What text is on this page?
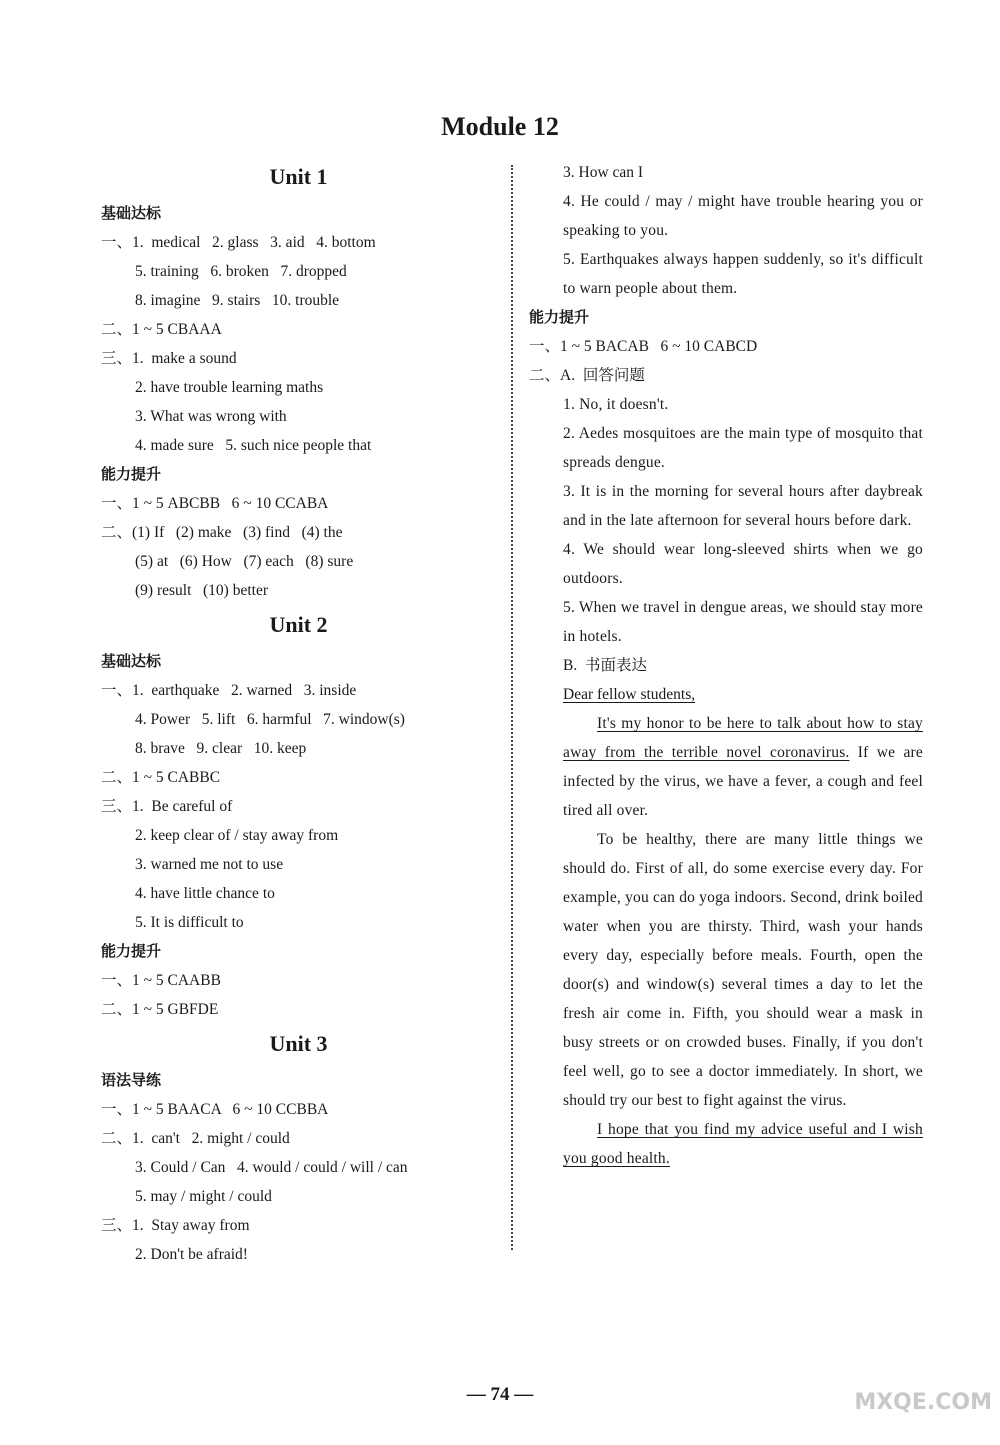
Module 12
Unit 1
基础达标
一、1.  medical   2. glass   3. aid   4. bottom
5. training   6. broken   7. dropped
8. imagine   9. stairs   10. trouble
二、1 ~ 5 CBAAA
三、1.  make a sound
2. have trouble learning maths
3. What was wrong with
4. made sure   5. such nice people that
能力提升
一、1 ~ 5 ABCBB   6 ~ 10 CCABA
二、(1) If   (2) make   (3) find   (4) the
(5) at   (6) How   (7) each   (8) sure
(9) result   (10) better
Unit 2
基础达标
一、1.  earthquake   2. warned   3. inside
4. Power   5. lift   6. harmful   7. window(s)
8. brave   9. clear   10. keep
二、1 ~ 5 CABBC
三、1.  Be careful of
2. keep clear of / stay away from
3. warned me not to use
4. have little chance to
5. It is difficult to
能力提升
一、1 ~ 5 CAABB
二、1 ~ 5 GBFDE
Unit 3
语法导练
一、1 ~ 5 BAACA   6 ~ 10 CCBBA
二、1.  can't   2. might / could
3. Could / Can   4. would / could / will / can
5. may / might / could
三、1.  Stay away from
2. Don't be afraid!
3. How can I
4. He could / may / might have trouble hearing you or speaking to you.
5. Earthquakes always happen suddenly, so it's difficult to warn people about them.
能力提升
一、1 ~ 5 BACAB   6 ~ 10 CABCD
二、A.  回答问题
1. No, it doesn't.
2. Aedes mosquitoes are the main type of mosquito that spreads dengue.
3. It is in the morning for several hours after daybreak and in the late afternoon for several hours before dark.
4. We should wear long-sleeved shirts when we go outdoors.
5. When we travel in dengue areas, we should stay more in hotels.
B.  书面表达
Dear fellow students,
It's my honor to be here to talk about how to stay away from the terrible novel coronavirus. If we are infected by the virus, we have a fever, a cough and feel tired all over.
To be healthy, there are many little things we should do. First of all, do some exercise every day. For example, you can do yoga indoors. Second, drink boiled water when you are thirsty. Third, wash your hands every day, especially before meals. Fourth, open the door(s) and window(s) several times a day to let the fresh air come in. Fifth, you should wear a mask in busy streets or on crowded buses. Finally, if you don't feel well, go to see a doctor immediately. In short, we should try our best to fight against the virus.
I hope that you find my advice useful and I wish you good health.
— 74 —	MXQE.COM
